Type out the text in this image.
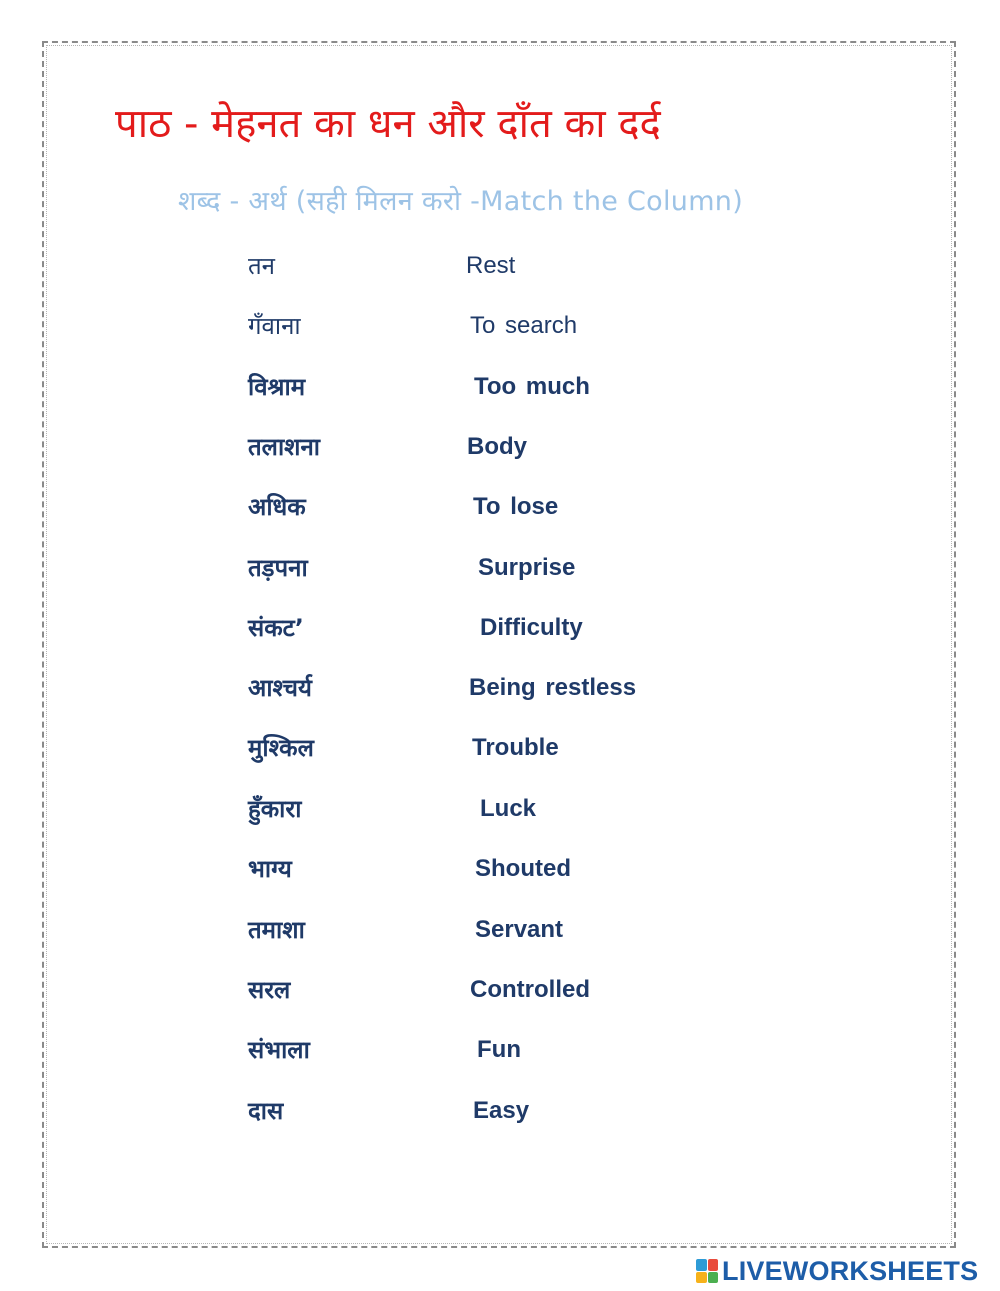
पाठ - मेहनत का धन और दाँत का दर्द
शब्द - अर्थ (सही मिलन करो -Match the Column)
तन	Rest
गँवाना	To search
विश्राम	Too much
तलाशना	Body
अधिक	To lose
तड़पना	Surprise
संकट’	Difficulty
आश्चर्य	Being restless
मुश्किल	Trouble
हुँकारा	Luck
भाग्य	Shouted
तमाशा	Servant
सरल	Controlled
संभाला	Fun
दास	Easy
LIVEWORKSHEETS
